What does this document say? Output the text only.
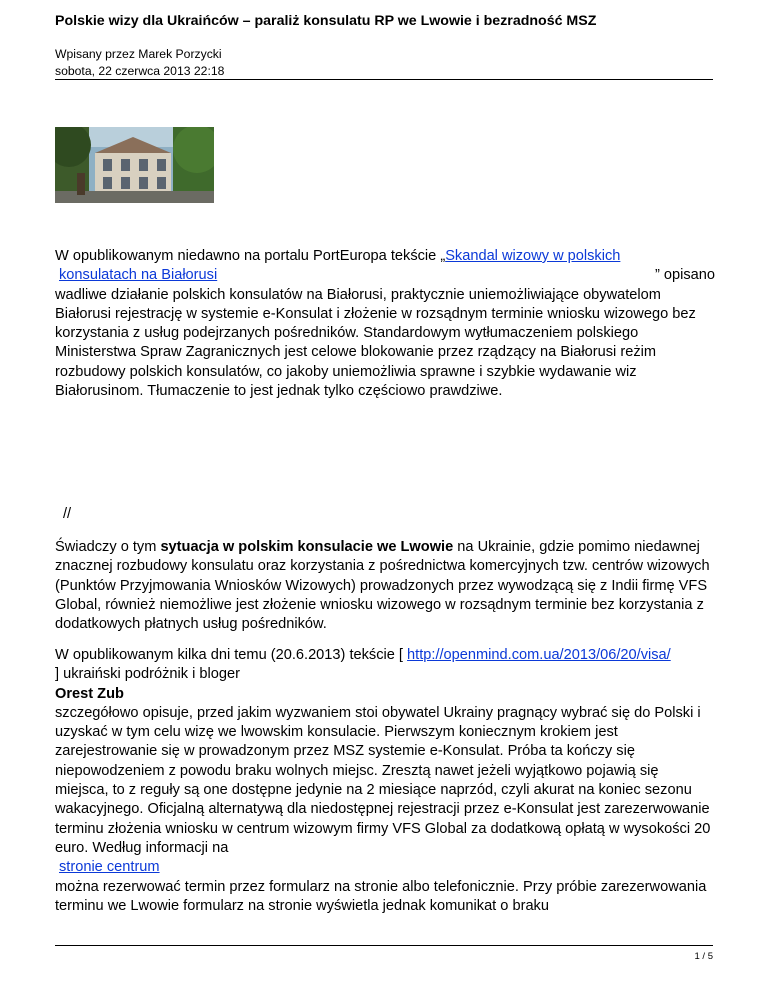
Polskie wizy dla Ukraińców – paraliż konsulatu RP we Lwowie i bezradność MSZ
Wpisany przez Marek Porzycki
sobota, 22 czerwca 2013 22:18

W opublikowanym niedawno na portalu PortEuropa tekście „Skandal wizowy w polskich

” opisano
konsulatach na Białorusi
wadliwe działanie polskich konsulatów na Białorusi, praktycznie uniemożliwiające obywatelom Białorusi rejestrację w systemie e-Konsulat i złożenie w rozsądnym terminie wniosku wizowego bez korzystania z usług podejrzanych pośredników. Standardowym wytłumaczeniem polskiego Ministerstwa Spraw Zagranicznych jest celowe blokowanie przez rządzący na Białorusi reżim rozbudowy polskich konsulatów, co jakoby uniemożliwia sprawne i szybkie wydawanie wiz Białorusinom. Tłumaczenie to jest jednak tylko częściowo prawdziwe.

//

Świadczy o tym sytuacja w polskim konsulacie we Lwowie na Ukrainie, gdzie pomimo niedawnej znacznej rozbudowy konsulatu oraz korzystania z pośrednictwa komercyjnych tzw. centrów wizowych (Punktów Przyjmowania Wniosków Wizowych) prowadzonych przez wywodzącą się z Indii firmę VFS Global, również niemożliwe jest złożenie wniosku wizowego w rozsądnym terminie bez korzystania z dodatkowych płatnych usług pośredników.

W opublikowanym kilka dni temu (20.6.2013) tekście [ http://openmind.com.ua/2013/06/20/visa/
] ukraiński podróżnik i bloger
Orest Zub
szczegółowo opisuje, przed jakim wyzwaniem stoi obywatel Ukrainy pragnący wybrać się do Polski i uzyskać w tym celu wizę we lwowskim konsulacie. Pierwszym koniecznym krokiem jest zarejestrowanie się w prowadzonym przez MSZ systemie e-Konsulat. Próba ta kończy się niepowodzeniem z powodu braku wolnych miejsc. Zresztą nawet jeżeli wyjątkowo pojawią się miejsca, to z reguły są one dostępne jedynie na 2 miesiące naprzód, czyli akurat na koniec sezonu wakacyjnego. Oficjalną alternatywą dla niedostępnej rejestracji przez e-Konsulat jest zarezerwowanie terminu złożenia wniosku w centrum wizowym firmy VFS Global za dodatkową opłatą w wysokości 20 euro. Według informacji na
stronie centrum
można rezerwować termin przez formularz na stronie albo telefonicznie. Przy próbie zarezerwowania terminu we Lwowie formularz na stronie wyświetla jednak komunikat o braku

1 / 5
